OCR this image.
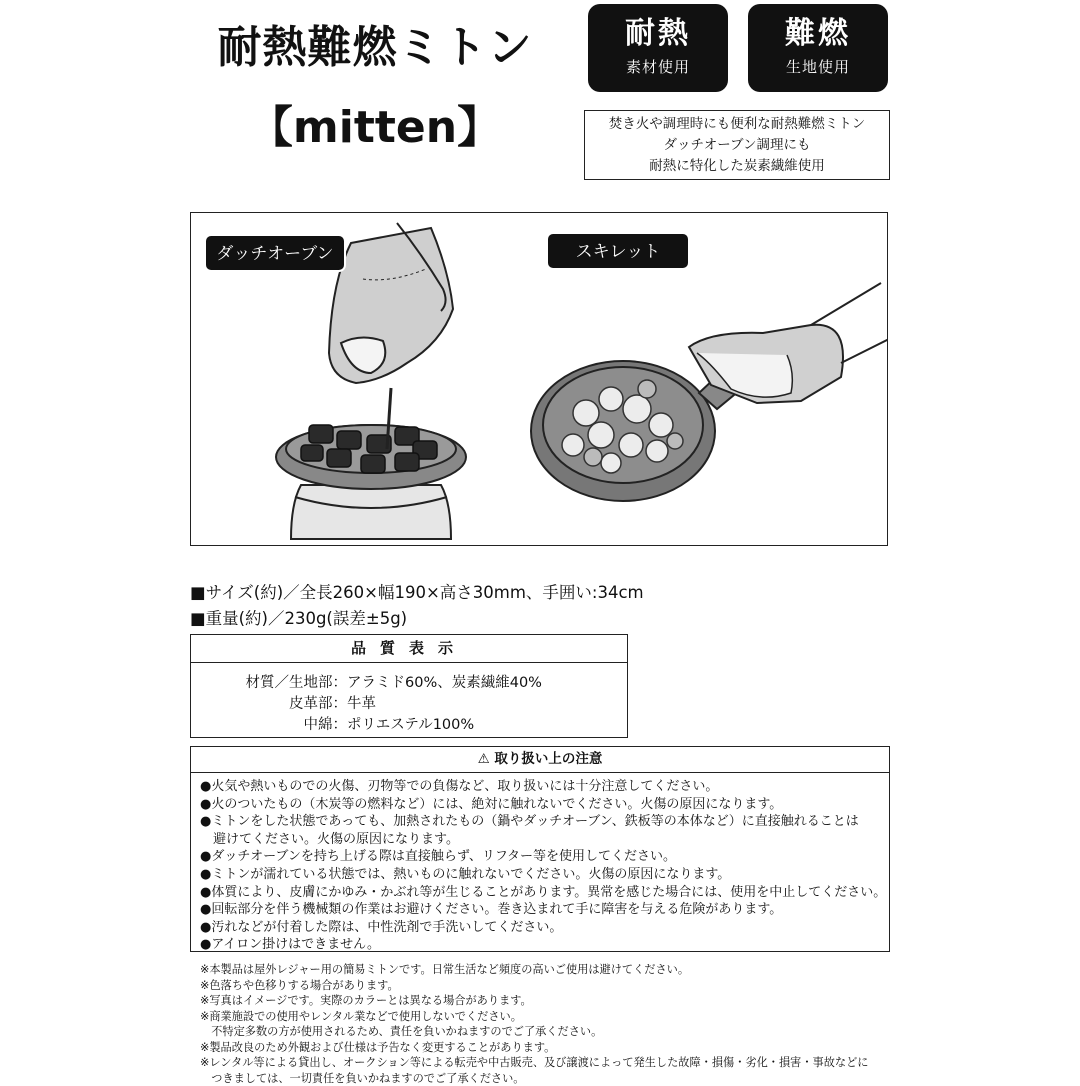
耐熱難燃ミトン
【mitten】
耐熱
素材使用
難燃
生地使用
焚き火や調理時にも便利な耐熱難燃ミトン
ダッチオーブン調理にも
耐熱に特化した炭素繊維使用
ダッチオーブン	スキレット
■サイズ(約)／全長260×幅190×高さ30mm、手囲い:34cm
■重量(約)／230g(誤差±5g)
品質表示
材質／生地部： アラミド60%、炭素繊維40%
皮革部： 牛革
中綿： ポリエステル100%
⚠ 取り扱い上の注意
●火気や熱いものでの火傷、刃物等での負傷など、取り扱いには十分注意してください。
●火のついたもの（木炭等の燃料など）には、絶対に触れないでください。火傷の原因になります。
●ミトンをした状態であっても、加熱されたもの（鍋やダッチオーブン、鉄板等の本体など）に直接触れることは
　避けてください。火傷の原因になります。
●ダッチオーブンを持ち上げる際は直接触らず、リフター等を使用してください。
●ミトンが濡れている状態では、熱いものに触れないでください。火傷の原因になります。
●体質により、皮膚にかゆみ・かぶれ等が生じることがあります。異常を感じた場合には、使用を中止してください。
●回転部分を伴う機械類の作業はお避けください。巻き込まれて手に障害を与える危険があります。
●汚れなどが付着した際は、中性洗剤で手洗いしてください。
●アイロン掛けはできません。
※本製品は屋外レジャー用の簡易ミトンです。日常生活など頻度の高いご使用は避けてください。
※色落ちや色移りする場合があります。
※写真はイメージです。実際のカラーとは異なる場合があります。
※商業施設での使用やレンタル業などで使用しないでください。
　不特定多数の方が使用されるため、責任を負いかねますのでご了承ください。
※製品改良のため外観および仕様は予告なく変更することがあります。
※レンタル等による貸出し、オークション等による転売や中古販売、及び譲渡によって発生した故障・損傷・劣化・損害・事故などに
　つきましては、一切責任を負いかねますのでご了承ください。
